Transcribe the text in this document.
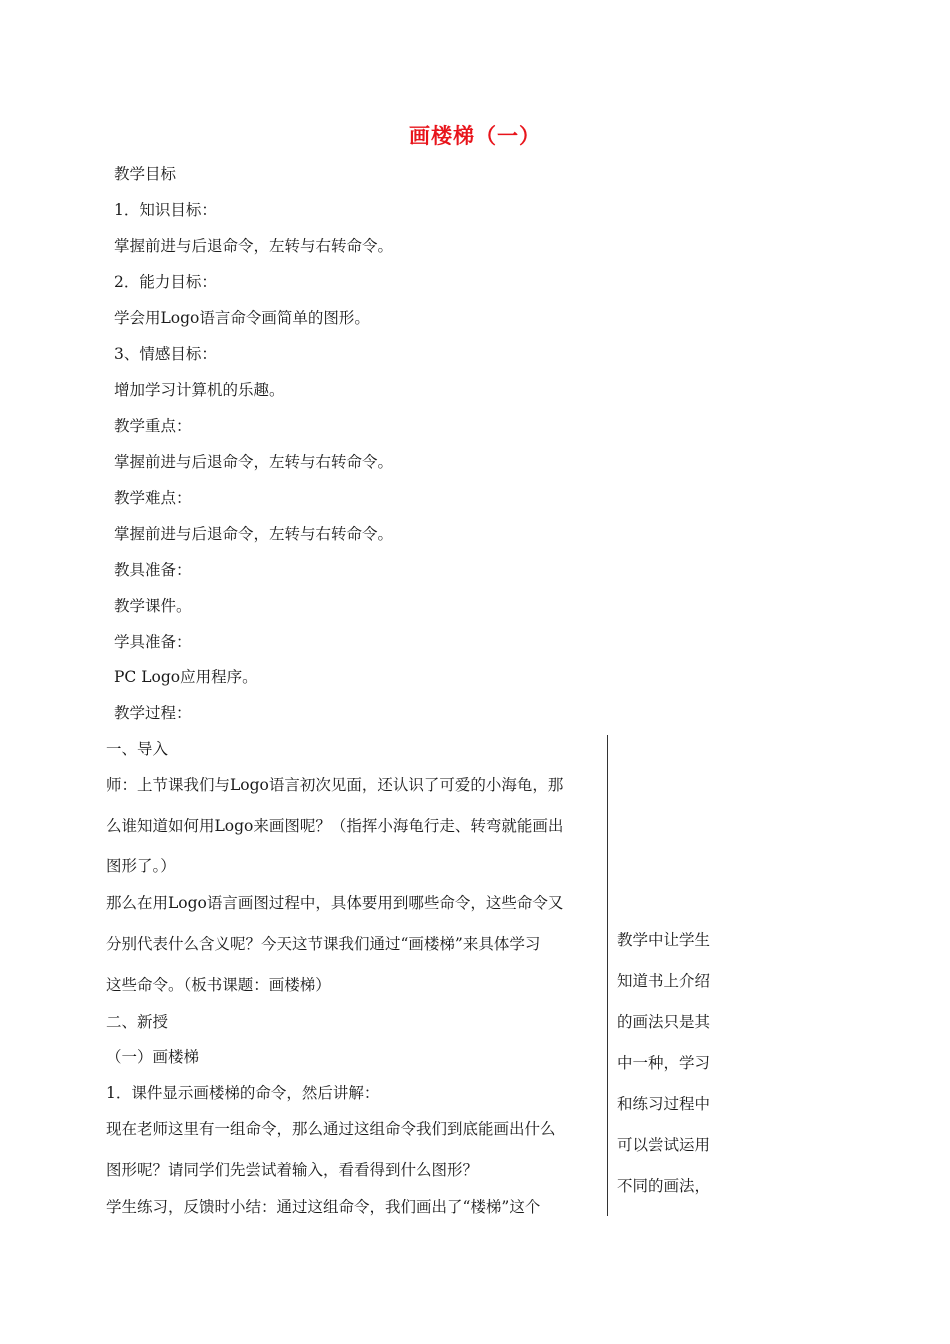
画楼梯（一）
教学目标
1．知识目标：
掌握前进与后退命令，左转与右转命令。
2．能力目标：
学会用Logo语言命令画简单的图形。
3、情感目标：
增加学习计算机的乐趣。
教学重点：
掌握前进与后退命令，左转与右转命令。
教学难点：
掌握前进与后退命令，左转与右转命令。
教具准备：
教学课件。
学具准备：
PC Logo应用程序。
教学过程：
一、导入
师：上节课我们与Logo语言初次见面，还认识了可爱的小海龟，那
么谁知道如何用Logo来画图呢？（指挥小海龟行走、转弯就能画出
图形了。）
那么在用Logo语言画图过程中，具体要用到哪些命令，这些命令又
分别代表什么含义呢？今天这节课我们通过“画楼梯”来具体学习
这些命令。（板书课题：画楼梯）
二、新授
（一）画楼梯
1．课件显示画楼梯的命令，然后讲解：
现在老师这里有一组命令，那么通过这组命令我们到底能画出什么
图形呢？请同学们先尝试着输入，看看得到什么图形？
学生练习，反馈时小结：通过这组命令，我们画出了“楼梯”这个
教学中让学生
知道书上介绍
的画法只是其
中一种，学习
和练习过程中
可以尝试运用
不同的画法，
